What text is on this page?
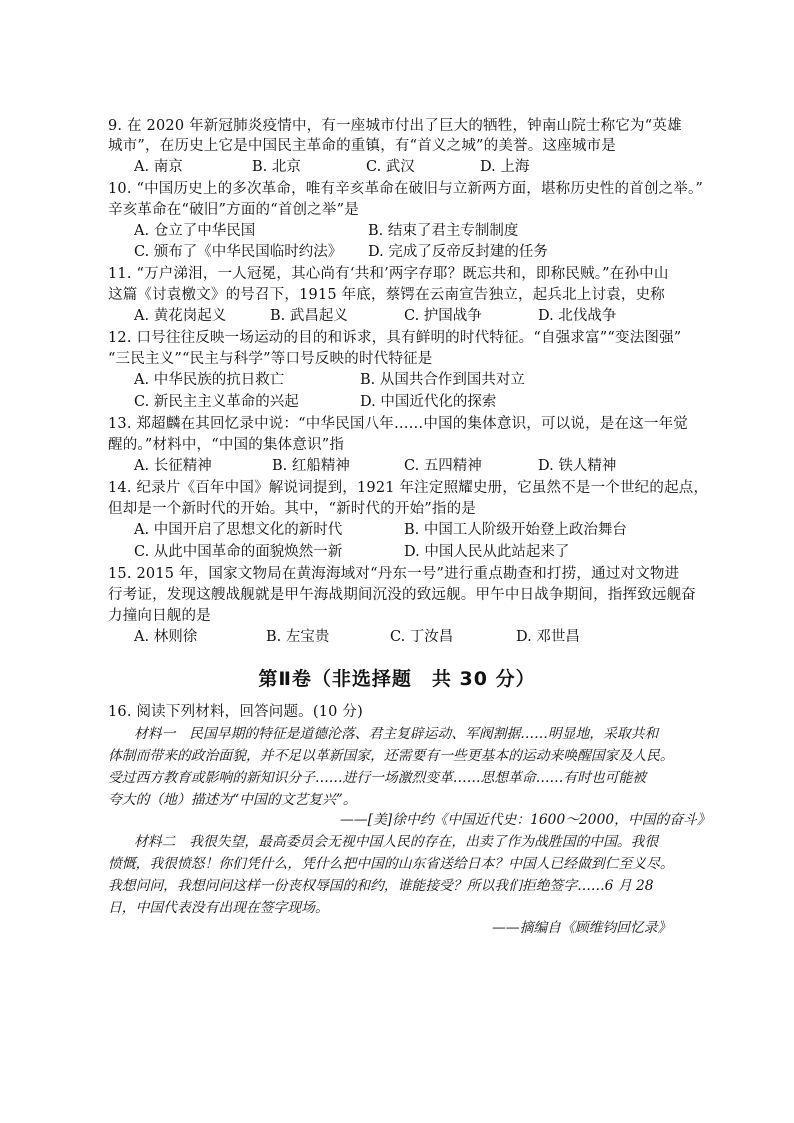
9. 在 2020 年新冠肺炎疫情中，有一座城市付出了巨大的牺牲，钟南山院士称它为“英雄
城市”，在历史上它是中国民主革命的重镇，有“首义之城”的美誉。这座城市是
A. 南京	B. 北京	C. 武汉	D. 上海
10. “中国历史上的多次革命，唯有辛亥革命在破旧与立新两方面，堪称历史性的首创之举。”
辛亥革命在“破旧”方面的“首创之举”是
A. 仓立了中华民国	B. 结束了君主专制制度
C. 颁布了《中华民国临时约法》 D. 完成了反帝反封建的任务
11. “万户涕泪，一人冠冕，其心尚有‘共和’两字存耶？既忘共和，即称民贼。”在孙中山
这篇《讨袁檄文》的号召下，1915 年底，蔡锷在云南宣告独立，起兵北上讨袁，史称
A. 黄花岗起义	B. 武昌起义	C. 护国战争	D. 北伐战争
12. 口号往往反映一场运动的目的和诉求，具有鲜明的时代特征。“自强求富”“变法图强”
“三民主义”“民主与科学”等口号反映的时代特征是
A. 中华民族的抗日救亡	B. 从国共合作到国共对立
C. 新民主主义革命的兴起	D. 中国近代化的探索
13. 郑超麟在其回忆录中说：“中华民国八年……中国的集体意识，可以说，是在这一年觉
醒的。”材料中，“中国的集体意识”指
A. 长征精神	B. 红船精神	C. 五四精神	D. 铁人精神
14. 纪录片《百年中国》解说词提到，1921 年注定照耀史册，它虽然不是一个世纪的起点，
但却是一个新时代的开始。其中，“新时代的开始”指的是
A. 中国开启了思想文化的新时代	B. 中国工人阶级开始登上政治舞台
C. 从此中国革命的面貌焕然一新	D. 中国人民从此站起来了
15. 2015 年，国家文物局在黄海海域对“丹东一号”进行重点勘查和打捞，通过对文物进
行考证，发现这艘战舰就是甲午海战期间沉没的致远舰。甲午中日战争期间，指挥致远舰奋
力撞向日舰的是
A. 林则徐	B. 左宝贵	C. 丁汝昌	D. 邓世昌
第Ⅱ卷（非选择题　共 30 分）
16. 阅读下列材料，回答问题。(10 分)
材料一　民国早期的特征是道德沦落、君主复辟运动、军阀割据……明显地，采取共和
体制而带来的政治面貌，并不足以革新国家，还需要有一些更基本的运动来唤醒国家及人民。
受过西方教育或影响的新知识分子……进行一场激烈变革……思想革命……有时也可能被
夸大的（地）描述为“中国的文艺复兴”。
——[美]徐中约《中国近代史：1600～2000，中国的奋斗》
材料二　我很失望，最高委员会无视中国人民的存在，出卖了作为战胜国的中国。我很
愤慨，我很愤怒！你们凭什么，凭什么把中国的山东省送给日本？中国人已经做到仁至义尽。
我想问问，我想问问这样一份丧权辱国的和约，谁能接受？所以我们拒绝签字……6 月 28
日，中国代表没有出现在签字现场。
——摘编自《顾维钧回忆录》
